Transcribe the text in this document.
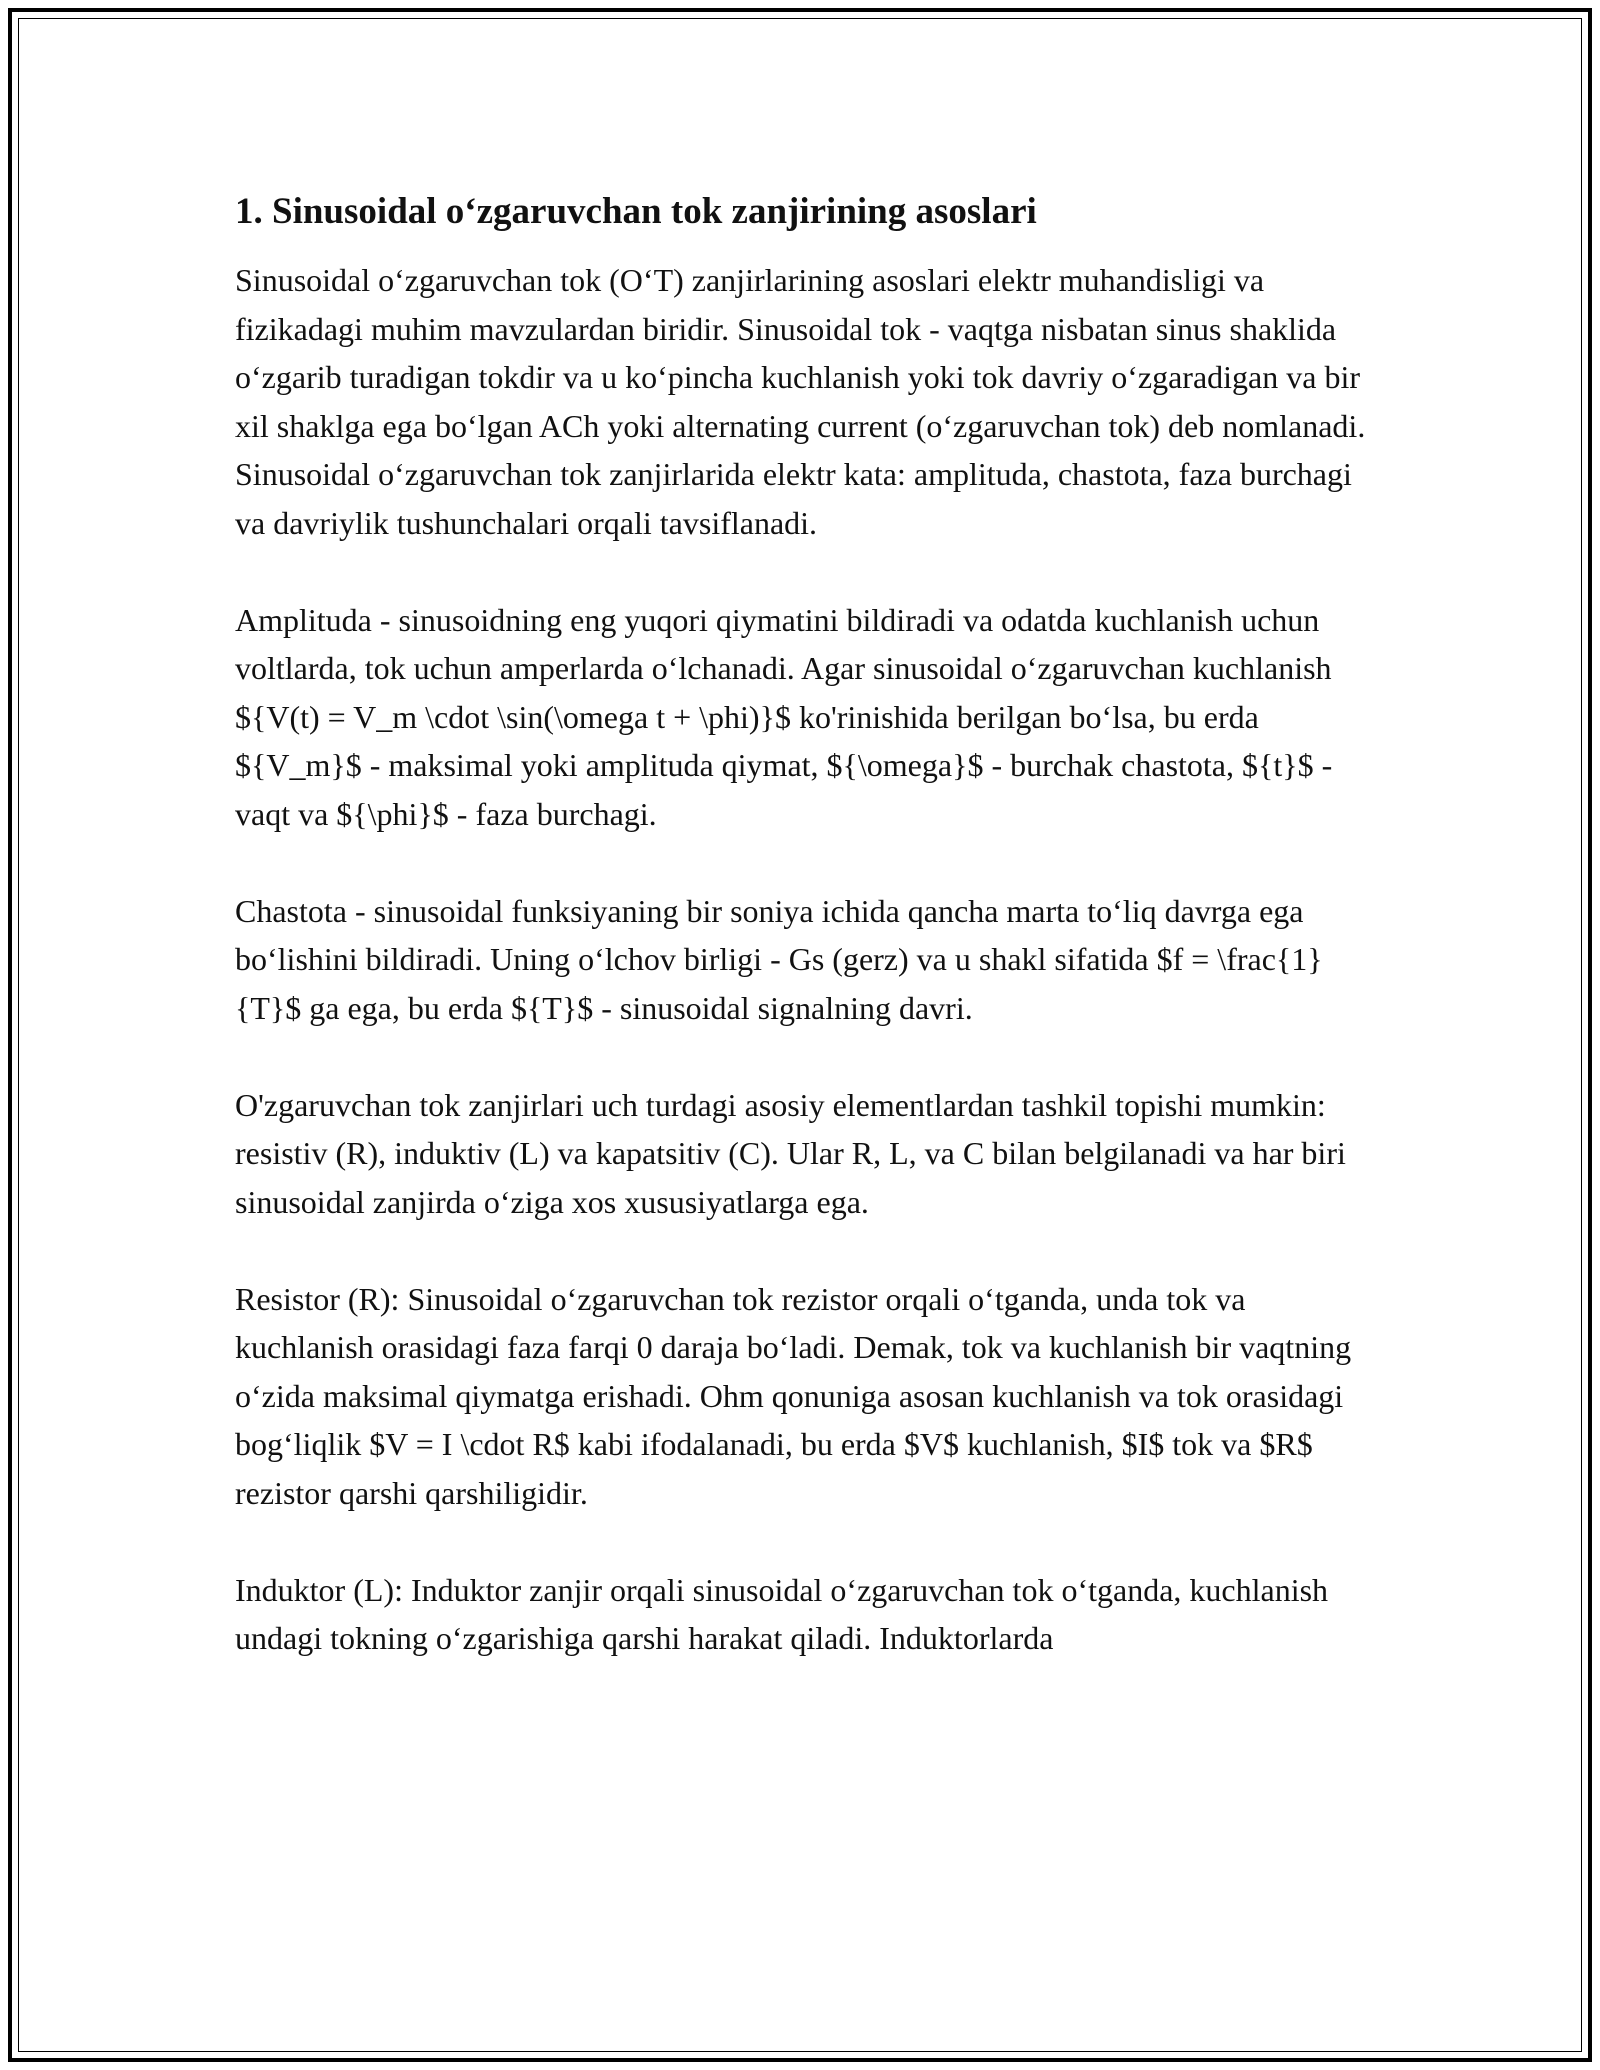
1. Sinusoidal o‘zgaruvchan tok zanjirining asoslari

Sinusoidal o‘zgaruvchan tok (O‘T) zanjirlarining asoslari elektr muhandisligi va fizikadagi muhim mavzulardan biridir. Sinusoidal tok - vaqtga nisbatan sinus shaklida o‘zgarib turadigan tokdir va u ko‘pincha kuchlanish yoki tok davriy o‘zgaradigan va bir xil shaklga ega bo‘lgan ACh yoki alternating current (o‘zgaruvchan tok) deb nomlanadi. Sinusoidal o‘zgaruvchan tok zanjirlarida elektr kata: amplituda, chastota, faza burchagi va davriylik tushunchalari orqali tavsiflanadi.

Amplituda - sinusoidning eng yuqori qiymatini bildiradi va odatda kuchlanish uchun voltlarda, tok uchun amperlarda o‘lchanadi. Agar sinusoidal o‘zgaruvchan kuchlanish ${V(t) = V_m \cdot \sin(\omega t + \phi)}$ ko'rinishida berilgan bo‘lsa, bu erda ${V_m}$ - maksimal yoki amplituda qiymat, ${\omega}$ - burchak chastota, ${t}$ - vaqt va ${\phi}$ - faza burchagi.

Chastota - sinusoidal funksiyaning bir soniya ichida qancha marta to‘liq davrga ega bo‘lishini bildiradi. Uning o‘lchov birligi - Gs (gerz) va u shakl sifatida $f = \frac{1}{T}$ ga ega, bu erda ${T}$ - sinusoidal signalning davri.

O'zgaruvchan tok zanjirlari uch turdagi asosiy elementlardan tashkil topishi mumkin: resistiv (R), induktiv (L) va kapatsitiv (C). Ular R, L, va C bilan belgilanadi va har biri sinusoidal zanjirda o‘ziga xos xususiyatlarga ega.

Resistor (R): Sinusoidal o‘zgaruvchan tok rezistor orqali o‘tganda, unda tok va kuchlanish orasidagi faza farqi 0 daraja bo‘ladi. Demak, tok va kuchlanish bir vaqtning o‘zida maksimal qiymatga erishadi. Ohm qonuniga asosan kuchlanish va tok orasidagi bog‘liqlik $V = I \cdot R$ kabi ifodalanadi, bu erda $V$ kuchlanish, $I$ tok va $R$ rezistor qarshi qarshiligidir.

Induktor (L): Induktor zanjir orqali sinusoidal o‘zgaruvchan tok o‘tganda, kuchlanish undagi tokning o‘zgarishiga qarshi harakat qiladi. Induktorlarda
